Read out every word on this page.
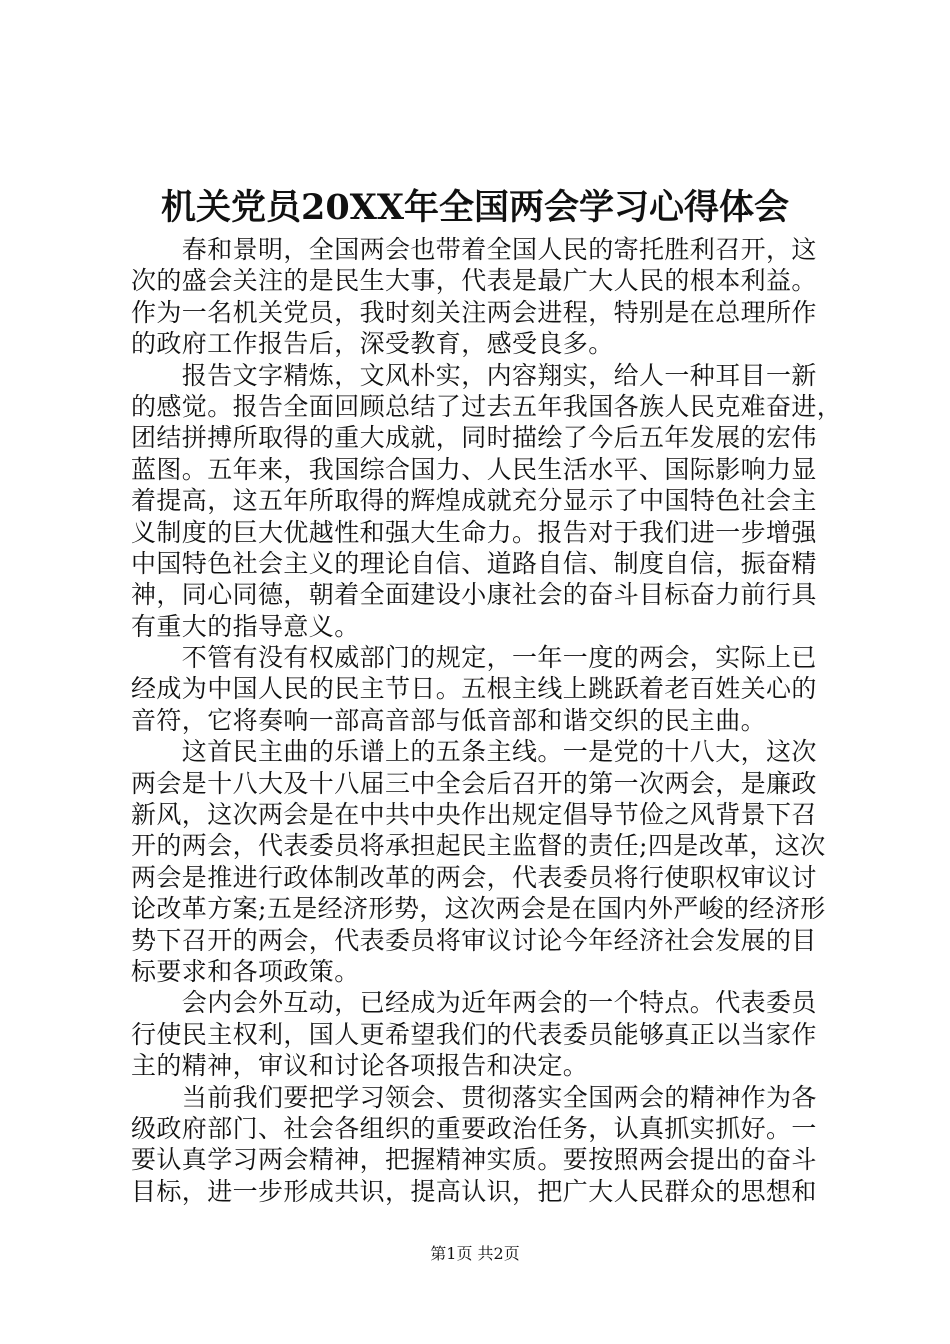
机关党员20XX年全国两会学习心得体会
　　春和景明，全国两会也带着全国人民的寄托胜利召开，这
次的盛会关注的是民生大事，代表是最广大人民的根本利益。
作为一名机关党员，我时刻关注两会进程，特别是在总理所作
的政府工作报告后，深受教育，感受良多。
　　报告文字精炼，文风朴实，内容翔实，给人一种耳目一新
的感觉。报告全面回顾总结了过去五年我国各族人民克难奋进，
团结拼搏所取得的重大成就，同时描绘了今后五年发展的宏伟
蓝图。五年来，我国综合国力、人民生活水平、国际影响力显
着提高，这五年所取得的辉煌成就充分显示了中国特色社会主
义制度的巨大优越性和强大生命力。报告对于我们进一步增强
中国特色社会主义的理论自信、道路自信、制度自信，振奋精
神，同心同德，朝着全面建设小康社会的奋斗目标奋力前行具
有重大的指导意义。
　　不管有没有权威部门的规定，一年一度的两会，实际上已
经成为中国人民的民主节日。五根主线上跳跃着老百姓关心的
音符，它将奏响一部高音部与低音部和谐交织的民主曲。
　　这首民主曲的乐谱上的五条主线。一是党的十八大，这次
两会是十八大及十八届三中全会后召开的第一次两会，是廉政
新风，这次两会是在中共中央作出规定倡导节俭之风背景下召
开的两会，代表委员将承担起民主监督的责任;四是改革，这次
两会是推进行政体制改革的两会，代表委员将行使职权审议讨
论改革方案;五是经济形势，这次两会是在国内外严峻的经济形
势下召开的两会，代表委员将审议讨论今年经济社会发展的目
标要求和各项政策。
　　会内会外互动，已经成为近年两会的一个特点。代表委员
行使民主权利，国人更希望我们的代表委员能够真正以当家作
主的精神，审议和讨论各项报告和决定。
　　当前我们要把学习领会、贯彻落实全国两会的精神作为各
级政府部门、社会各组织的重要政治任务，认真抓实抓好。一
要认真学习两会精神，把握精神实质。要按照两会提出的奋斗
目标，进一步形成共识，提高认识，把广大人民群众的思想和
第1页 共2页
